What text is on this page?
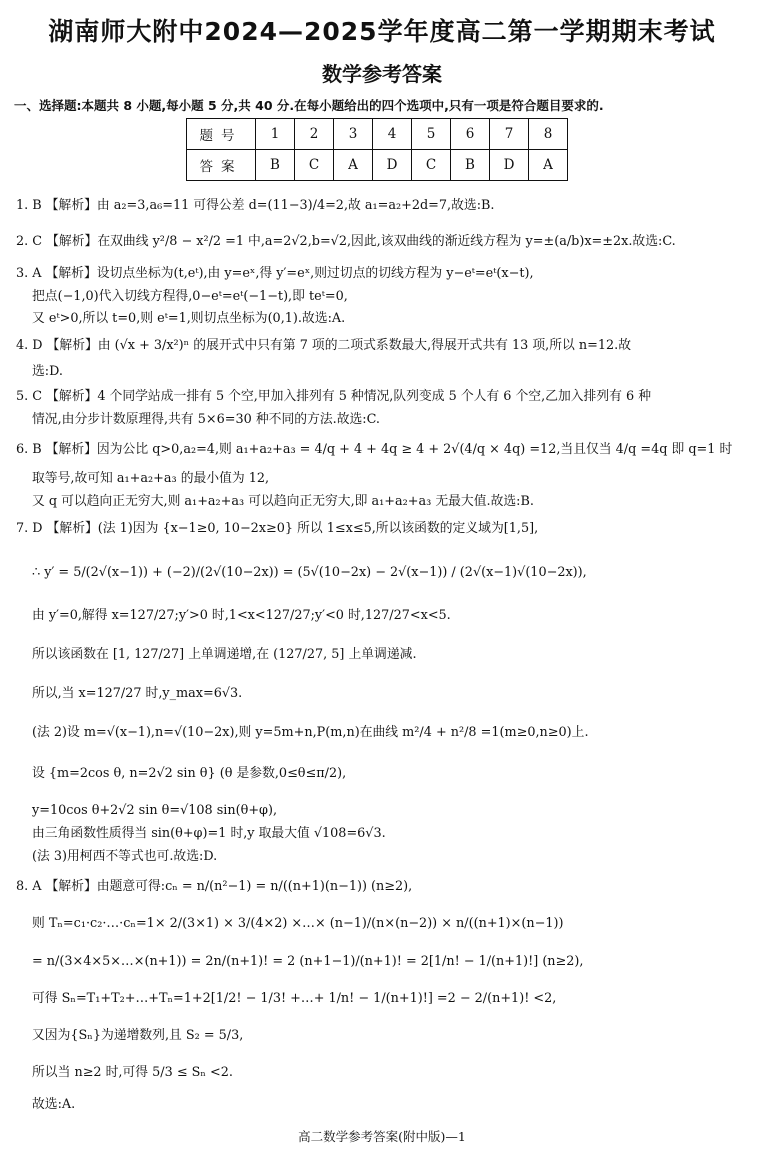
湖南师大附中2024—2025学年度高二第一学期期末考试
数学参考答案
一、选择题:本题共 8 小题,每小题 5 分,共 40 分.在每小题给出的四个选项中,只有一项是符合题目要求的.
题号	1	2	3	4	5	6	7	8
答案	B	C	A	D	C	B	D	A
1. B 【解析】由 a₂=3,a₆=11 可得公差 d=(11−3)/4=2,故 a₁=a₂+2d=7,故选:B.
2. C 【解析】在双曲线 y²/8 − x²/2 =1 中,a=2√2,b=√2,因此,该双曲线的渐近线方程为 y=±(a/b)x=±2x.故选:C.
3. A 【解析】设切点坐标为(t,eᵗ),由 y=eˣ,得 y′=eˣ,则过切点的切线方程为 y−eᵗ=eᵗ(x−t),
把点(−1,0)代入切线方程得,0−eᵗ=eᵗ(−1−t),即 teᵗ=0,
又 eᵗ>0,所以 t=0,则 eᵗ=1,则切点坐标为(0,1).故选:A.
4. D 【解析】由 (√x + 3/x²)ⁿ 的展开式中只有第 7 项的二项式系数最大,得展开式共有 13 项,所以 n=12.故
选:D.
5. C 【解析】4 个同学站成一排有 5 个空,甲加入排列有 5 种情况,队列变成 5 个人有 6 个空,乙加入排列有 6 种
情况,由分步计数原理得,共有 5×6=30 种不同的方法.故选:C.
6. B 【解析】因为公比 q>0,a₂=4,则 a₁+a₂+a₃ = 4/q + 4 + 4q ≥ 4 + 2√(4/q × 4q) =12,当且仅当 4/q =4q 即 q=1 时
取等号,故可知 a₁+a₂+a₃ 的最小值为 12,
又 q 可以趋向正无穷大,则 a₁+a₂+a₃ 可以趋向正无穷大,即 a₁+a₂+a₃ 无最大值.故选:B.
7. D 【解析】(法 1)因为 {x−1≥0, 10−2x≥0} 所以 1≤x≤5,所以该函数的定义域为[1,5],
∴ y′ = 5/(2√(x−1)) + (−2)/(2√(10−2x)) = (5√(10−2x) − 2√(x−1)) / (2√(x−1)√(10−2x)),
由 y′=0,解得 x=127/27;y′>0 时,1<x<127/27;y′<0 时,127/27<x<5.
所以该函数在 [1, 127/27] 上单调递增,在 (127/27, 5] 上单调递减.
所以,当 x=127/27 时,y_max=6√3.
(法 2)设 m=√(x−1),n=√(10−2x),则 y=5m+n,P(m,n)在曲线 m²/4 + n²/8 =1(m≥0,n≥0)上.
设 {m=2cos θ, n=2√2 sin θ} (θ 是参数,0≤θ≤π/2),
y=10cos θ+2√2 sin θ=√108 sin(θ+φ),
由三角函数性质得当 sin(θ+φ)=1 时,y 取最大值 √108=6√3.
(法 3)用柯西不等式也可.故选:D.
8. A 【解析】由题意可得:cₙ = n/(n²−1) = n/((n+1)(n−1)) (n≥2),
则 Tₙ=c₁·c₂·…·cₙ=1× 2/(3×1) × 3/(4×2) ×…× (n−1)/(n×(n−2)) × n/((n+1)×(n−1))
= n/(3×4×5×…×(n+1)) = 2n/(n+1)! = 2 (n+1−1)/(n+1)! = 2[1/n! − 1/(n+1)!] (n≥2),
可得 Sₙ=T₁+T₂+…+Tₙ=1+2[1/2! − 1/3! +…+ 1/n! − 1/(n+1)!] =2 − 2/(n+1)! <2,
又因为{Sₙ}为递增数列,且 S₂ = 5/3,
所以当 n≥2 时,可得 5/3 ≤ Sₙ <2.
故选:A.
高二数学参考答案(附中版)—1
